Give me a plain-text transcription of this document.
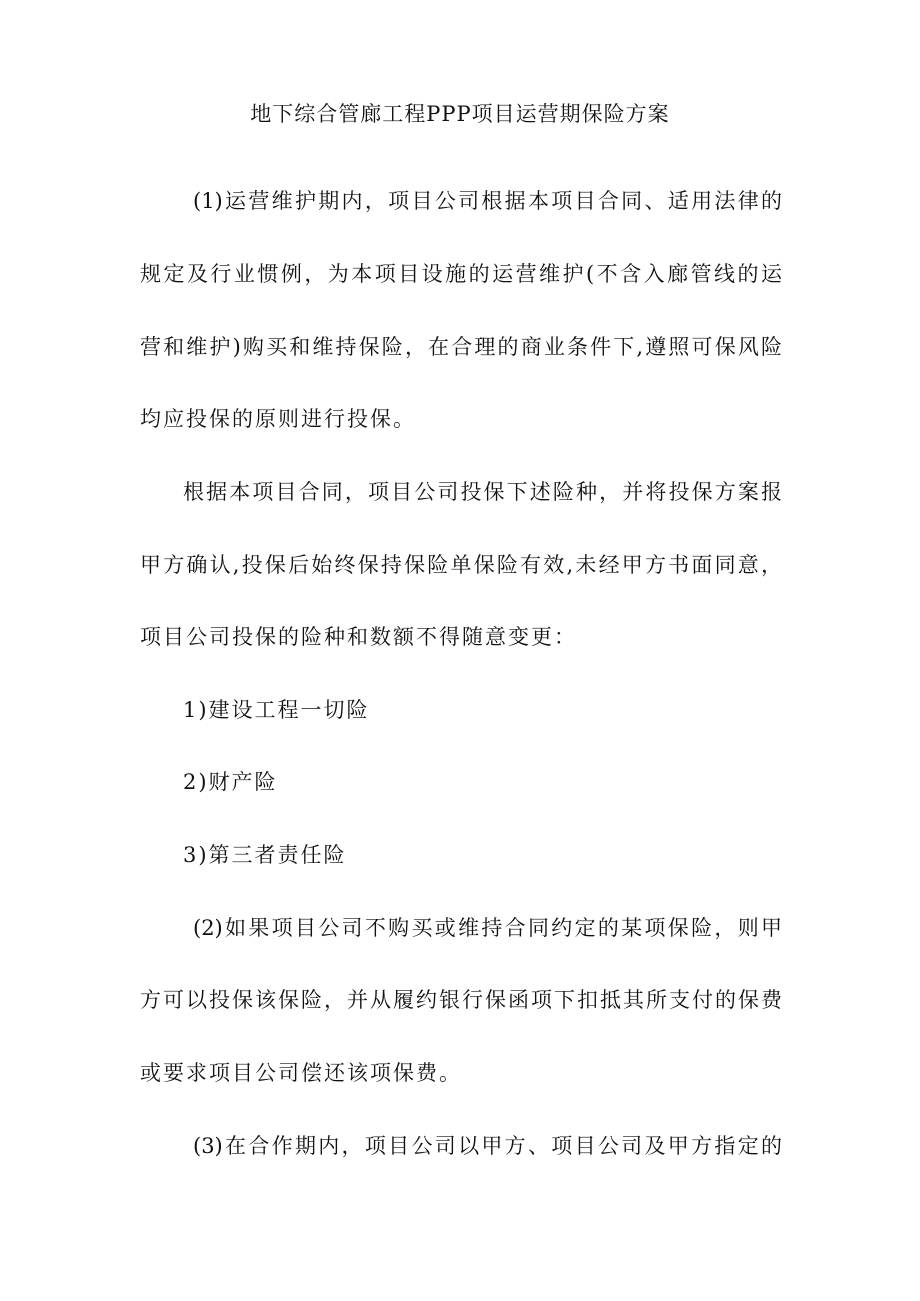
地下综合管廊工程PPP项目运营期保险方案
(1)运营维护期内，项目公司根据本项目合同、适用法律的
规定及行业惯例，为本项目设施的运营维护(不含入廊管线的运
营和维护)购买和维持保险，在合理的商业条件下,遵照可保风险
均应投保的原则进行投保。
根据本项目合同，项目公司投保下述险种，并将投保方案报
甲方确认,投保后始终保持保险单保险有效,未经甲方书面同意，
项目公司投保的险种和数额不得随意变更：
1)建设工程一切险
2)财产险
3)第三者责任险
(2)如果项目公司不购买或维持合同约定的某项保险，则甲
方可以投保该保险，并从履约银行保函项下扣抵其所支付的保费
或要求项目公司偿还该项保费。
(3)在合作期内，项目公司以甲方、项目公司及甲方指定的
